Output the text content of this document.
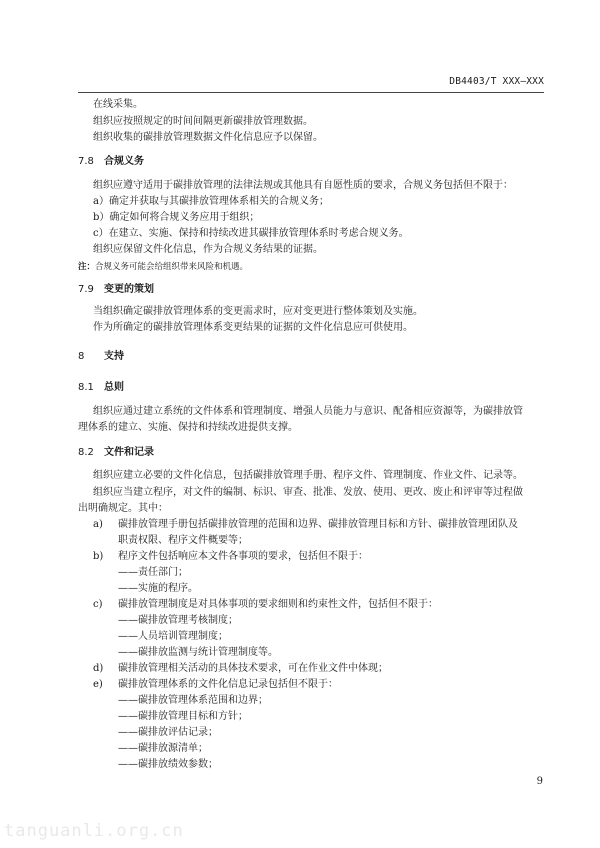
DB4403/T XXX—XXX
在线采集。
组织应按照规定的时间间隔更新碳排放管理数据。
组织收集的碳排放管理数据文件化信息应予以保留。
7.8 合规义务
组织应遵守适用于碳排放管理的法律法规或其他具有自愿性质的要求，合规义务包括但不限于：
a）确定并获取与其碳排放管理体系相关的合规义务；
b）确定如何将合规义务应用于组织；
c）在建立、实施、保持和持续改进其碳排放管理体系时考虑合规义务。
组织应保留文件化信息，作为合规义务结果的证据。
注：合规义务可能会给组织带来风险和机遇。
7.9 变更的策划
当组织确定碳排放管理体系的变更需求时，应对变更进行整体策划及实施。
作为所确定的碳排放管理体系变更结果的证据的文件化信息应可供使用。
8 支持
8.1 总则
组织应通过建立系统的文件体系和管理制度、增强人员能力与意识、配备相应资源等，为碳排放管
理体系的建立、实施、保持和持续改进提供支撑。
8.2 文件和记录
组织应建立必要的文件化信息，包括碳排放管理手册、程序文件、管理制度、作业文件、记录等。
组织应当建立程序，对文件的编制、标识、审查、批准、发放、使用、更改、废止和评审等过程做
出明确规定。其中：
a) 碳排放管理手册包括碳排放管理的范围和边界、碳排放管理目标和方针、碳排放管理团队及
职责权限、程序文件概要等；
b) 程序文件包括响应本文件各事项的要求，包括但不限于：
——责任部门；
——实施的程序。
c) 碳排放管理制度是对具体事项的要求细则和约束性文件，包括但不限于：
——碳排放管理考核制度；
——人员培训管理制度；
——碳排放监测与统计管理制度等。
d) 碳排放管理相关活动的具体技术要求，可在作业文件中体现；
e) 碳排放管理体系的文件化信息记录包括但不限于：
——碳排放管理体系范围和边界；
——碳排放管理目标和方针；
——碳排放评估记录；
——碳排放源清单；
——碳排放绩效参数；
9
tanguanli.org.cn
